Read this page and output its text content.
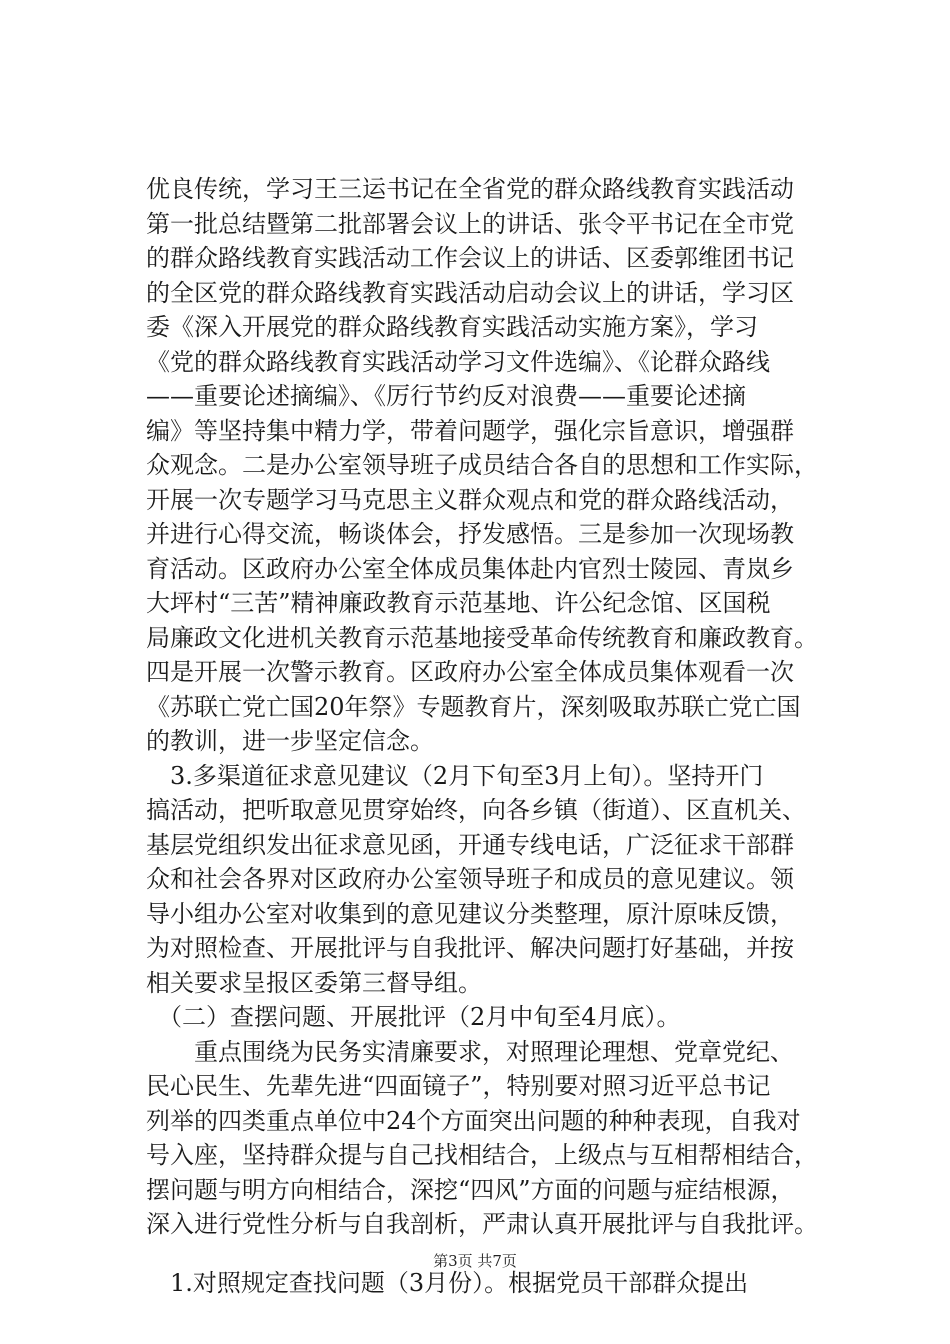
优良传统，学习王三运书记在全省党的群众路线教育实践活动
第一批总结暨第二批部署会议上的讲话、张令平书记在全市党
的群众路线教育实践活动工作会议上的讲话、区委郭维团书记
的全区党的群众路线教育实践活动启动会议上的讲话，学习区
委《深入开展党的群众路线教育实践活动实施方案》，学习
《党的群众路线教育实践活动学习文件选编》、《论群众路线
——重要论述摘编》、《厉行节约反对浪费——重要论述摘
编》等坚持集中精力学，带着问题学，强化宗旨意识，增强群
众观念。二是办公室领导班子成员结合各自的思想和工作实际，
开展一次专题学习马克思主义群众观点和党的群众路线活动，
并进行心得交流，畅谈体会，抒发感悟。三是参加一次现场教
育活动。区政府办公室全体成员集体赴内官烈士陵园、青岚乡
大坪村“三苦”精神廉政教育示范基地、许公纪念馆、区国税
局廉政文化进机关教育示范基地接受革命传统教育和廉政教育。
四是开展一次警示教育。区政府办公室全体成员集体观看一次
《苏联亡党亡国20年祭》专题教育片，深刻吸取苏联亡党亡国
的教训，进一步坚定信念。
　3.多渠道征求意见建议（2月下旬至3月上旬）。坚持开门
搞活动，把听取意见贯穿始终，向各乡镇（街道）、区直机关、
基层党组织发出征求意见函，开通专线电话，广泛征求干部群
众和社会各界对区政府办公室领导班子和成员的意见建议。领
导小组办公室对收集到的意见建议分类整理，原汁原味反馈，
为对照检查、开展批评与自我批评、解决问题打好基础，并按
相关要求呈报区委第三督导组。
　（二）查摆问题、开展批评（2月中旬至4月底）。
　　重点围绕为民务实清廉要求，对照理论理想、党章党纪、
民心民生、先辈先进“四面镜子”，特别要对照习近平总书记
列举的四类重点单位中24个方面突出问题的种种表现，自我对
号入座，坚持群众提与自己找相结合，上级点与互相帮相结合，
摆问题与明方向相结合，深挖“四风”方面的问题与症结根源，
深入进行党性分析与自我剖析，严肃认真开展批评与自我批评。
　1.对照规定查找问题（3月份）。根据党员干部群众提出
第3页 共7页
